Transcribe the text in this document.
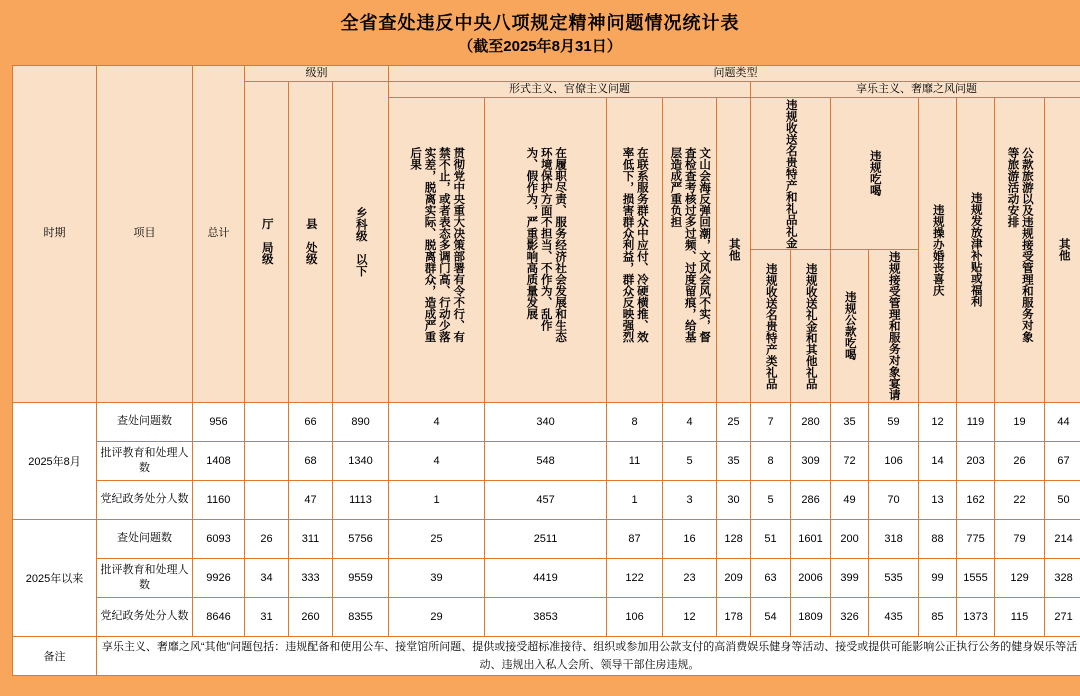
全省查处违反中央八项规定精神问题情况统计表
（截至2025年8月31日）
时期	项目	总计	级别			问题类型												

			厅 局级	县 处级	乡科级 以下	形式主义、官僚主义问题					享乐主义、奢靡之风问题							

						贯彻党中央重大决策部署有令不行、有禁不止，或者表态多调门高、行动少落实差，脱离实际、脱离群众，造成严重后果	在履职尽责、服务经济社会发展和生态环境保护方面不担当、不作为、乱作为、假作为，严重影响高质量发展	在联系服务群众中应付、冷硬横推、效率低下，损害群众利益，群众反映强烈	文山会海反弹回潮，文风会风不实，督查检查考核过多过频、过度留痕，给基层造成严重负担	其他	违规收送名贵特产和礼品礼金		违规吃喝		违规操办婚丧喜庆	违规发放津补贴或福利	公款旅游以及违规接受管理和服务对象等旅游活动安排	其他

											违规收送名贵特产类礼品	违规收送礼金和其他礼品	违规公款吃喝	违规接受管理和服务对象宴请				

2025年8月	查处问题数	956		66	890	4	340	8	4	25	7	280	35	59	12	119	19	44
	批评教育和处理人数	1408		68	1340	4	548	11	5	35	8	309	72	106	14	203	26	67
	党纪政务处分人数	1160		47	1113	1	457	1	3	30	5	286	49	70	13	162	22	50
2025年以来	查处问题数	6093	26	311	5756	25	2511	87	16	128	51	1601	200	318	88	775	79	214
	批评教育和处理人数	9926	34	333	9559	39	4419	122	23	209	63	2006	399	535	99	1555	129	328
	党纪政务处分人数	8646	31	260	8355	29	3853	106	12	178	54	1809	326	435	85	1373	115	271
备注	享乐主义、奢靡之风“其他”问题包括：违规配备和使用公车、接堂馆所问题、提供或接受超标准接待、组织或参加用公款支付的高消费娱乐健身等活动、接受或提供可能影响公正执行公务的健身娱乐等活动、违规出入私人会所、领导干部住房违规。																	
